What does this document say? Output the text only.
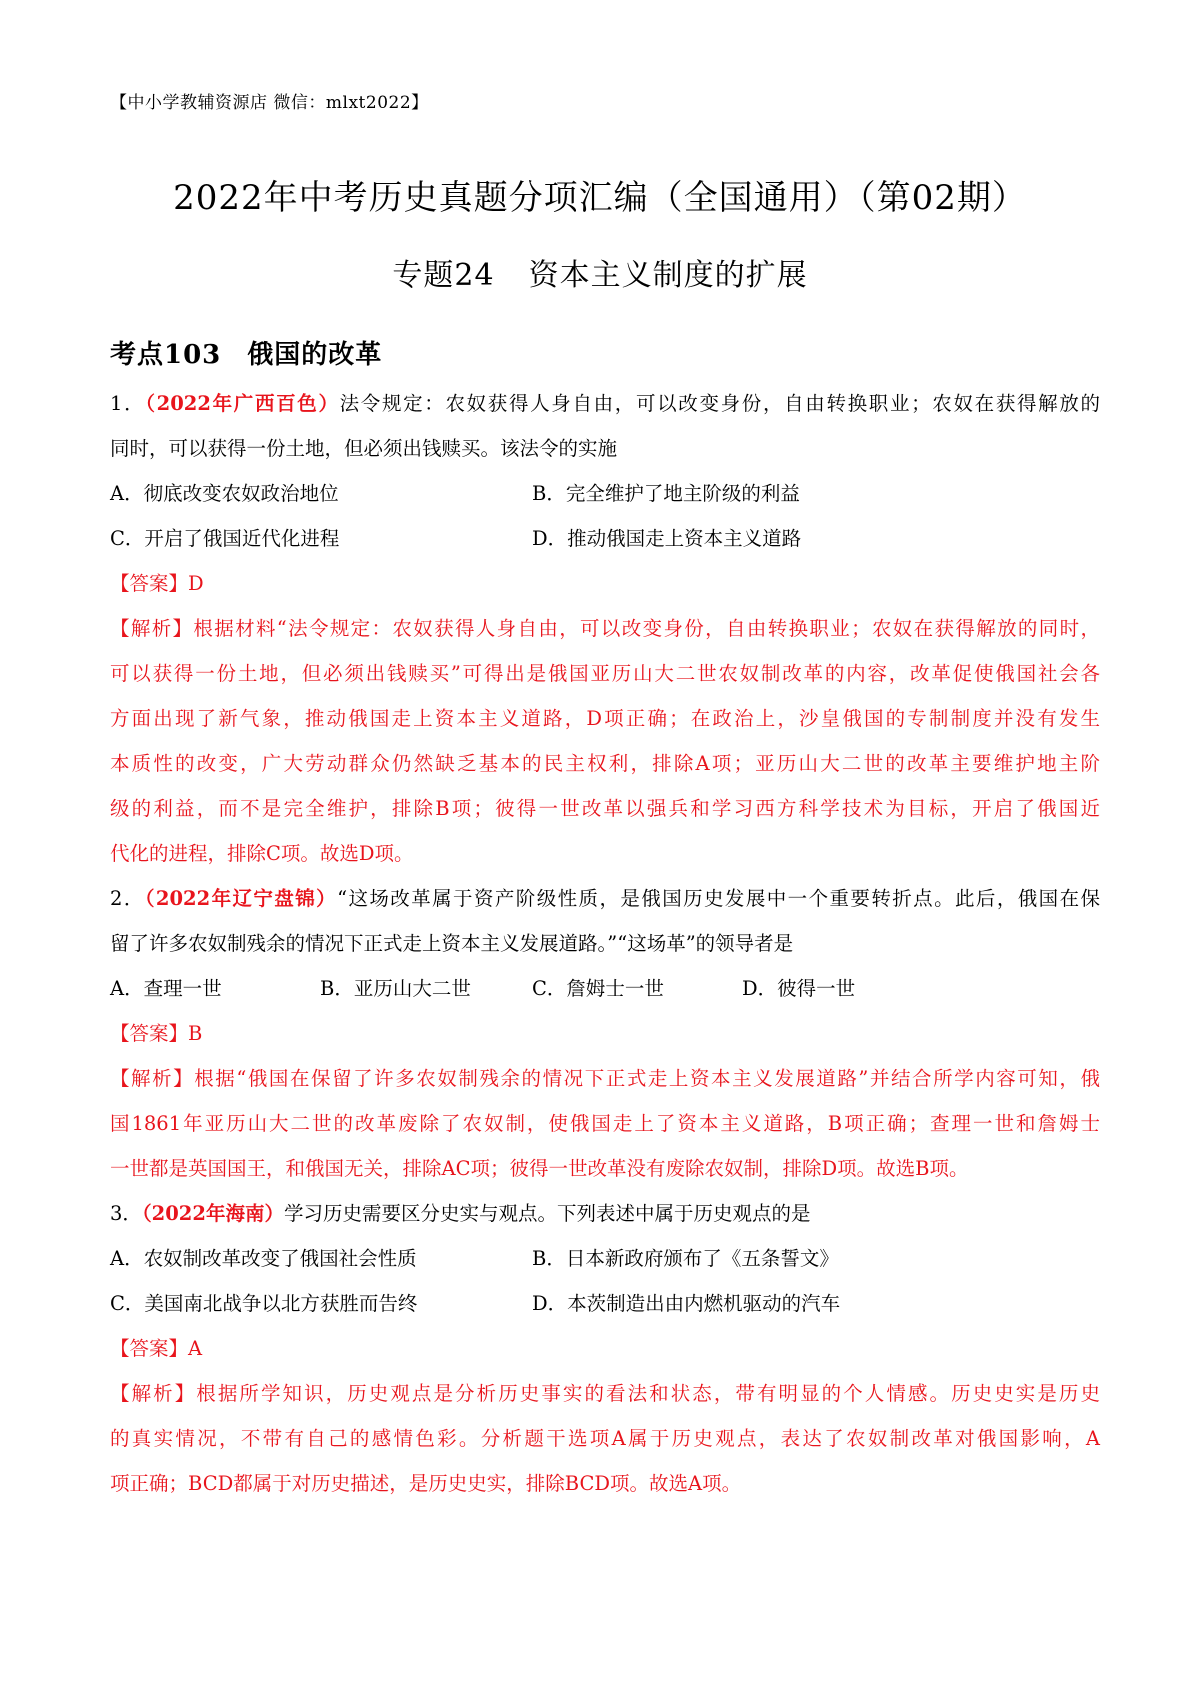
【中小学教辅资源店 微信：mlxt2022】
2022年中考历史真题分项汇编（全国通用）（第02期）
专题24 资本主义制度的扩展
考点103 俄国的改革
1．（2022年广西百色）法令规定：农奴获得人身自由，可以改变身份，自由转换职业；农奴在获得解放的
同时，可以获得一份土地，但必须出钱赎买。该法令的实施
A．彻底改变农奴政治地位	B．完全维护了地主阶级的利益
C．开启了俄国近代化进程	D．推动俄国走上资本主义道路
【答案】D
【解析】根据材料“法令规定：农奴获得人身自由，可以改变身份，自由转换职业；农奴在获得解放的同时，
可以获得一份土地，但必须出钱赎买”可得出是俄国亚历山大二世农奴制改革的内容，改革促使俄国社会各
方面出现了新气象，推动俄国走上资本主义道路，D项正确；在政治上，沙皇俄国的专制制度并没有发生
本质性的改变，广大劳动群众仍然缺乏基本的民主权利，排除A项；亚历山大二世的改革主要维护地主阶
级的利益，而不是完全维护，排除B项；彼得一世改革以强兵和学习西方科学技术为目标，开启了俄国近
代化的进程，排除C项。故选D项。
2．（2022年辽宁盘锦）“这场改革属于资产阶级性质，是俄国历史发展中一个重要转折点。此后，俄国在保
留了许多农奴制残余的情况下正式走上资本主义发展道路。”“这场革”的领导者是
A．查理一世	B．亚历山大二世	C．詹姆士一世	D．彼得一世
【答案】B
【解析】根据“俄国在保留了许多农奴制残余的情况下正式走上资本主义发展道路”并结合所学内容可知，俄
国1861年亚历山大二世的改革废除了农奴制，使俄国走上了资本主义道路，B项正确；查理一世和詹姆士
一世都是英国国王，和俄国无关，排除AC项；彼得一世改革没有废除农奴制，排除D项。故选B项。
3．（2022年海南）学习历史需要区分史实与观点。下列表述中属于历史观点的是
A．农奴制改革改变了俄国社会性质	B．日本新政府颁布了《五条誓文》
C．美国南北战争以北方获胜而告终	D．本茨制造出由内燃机驱动的汽车
【答案】A
【解析】根据所学知识，历史观点是分析历史事实的看法和状态，带有明显的个人情感。历史史实是历史
的真实情况，不带有自己的感情色彩。分析题干选项A属于历史观点，表达了农奴制改革对俄国影响，A
项正确；BCD都属于对历史描述，是历史史实，排除BCD项。故选A项。
